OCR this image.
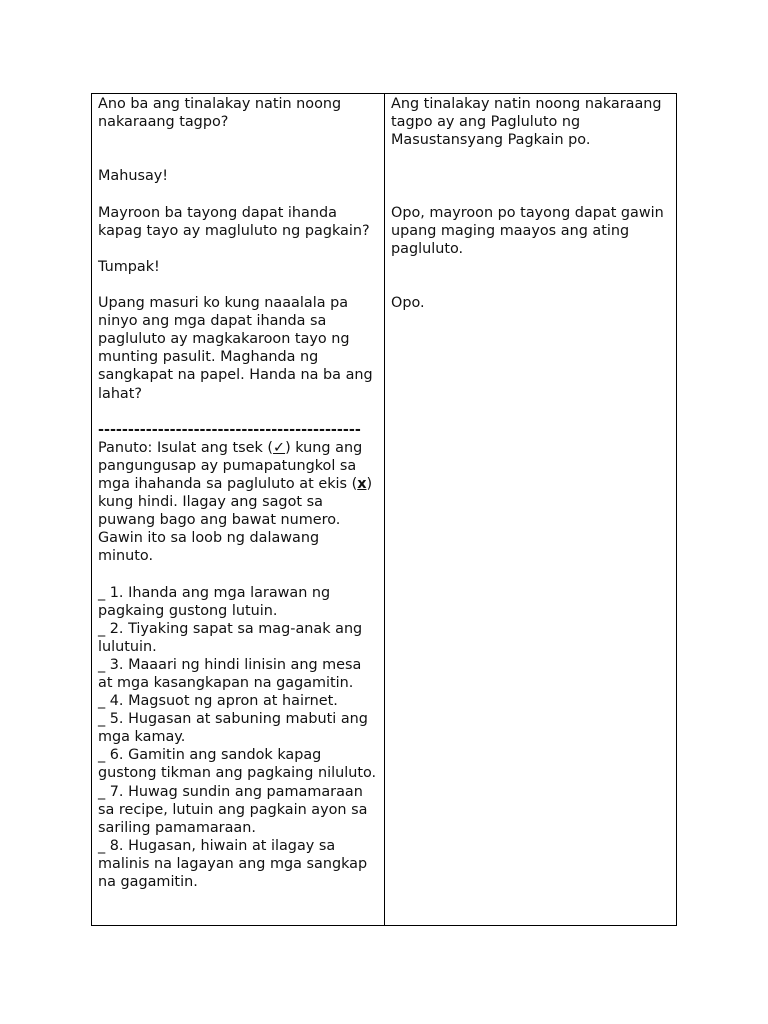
Ano ba ang tinalakay natin noong nakaraang tagpo?

Mahusay!

Mayroon ba tayong dapat ihanda kapag tayo ay magluluto ng pagkain?

Tumpak!

Upang masuri ko kung naaalala pa ninyo ang mga dapat ihanda sa pagluluto ay magkakaroon tayo ng munting pasulit. Maghanda ng sangkapat na papel. Handa na ba ang lahat?

--------------------------------------------

Panuto: Isulat ang tsek (✓) kung ang pangungusap ay pumapatungkol sa mga ihahanda sa pagluluto at ekis (x) kung hindi. Ilagay ang sagot sa puwang bago ang bawat numero. Gawin ito sa loob ng dalawang minuto.

_ 1. Ihanda ang mga larawan ng pagkaing gustong lutuin.

_ 2. Tiyaking sapat sa mag-anak ang lulutuin.

_ 3. Maaari ng hindi linisin ang mesa at mga kasangkapan na gagamitin.

_ 4. Magsuot ng apron at hairnet.

_ 5. Hugasan at sabuning mabuti ang mga kamay.

_ 6. Gamitin ang sandok kapag gustong tikman ang pagkaing niluluto.

_ 7. Huwag sundin ang pamamaraan sa recipe, lutuin ang pagkain ayon sa sariling pamamaraan.

_ 8. Hugasan, hiwain at ilagay sa malinis na lagayan ang mga sangkap na gagamitin.

Ang tinalakay natin noong nakaraang tagpo ay ang Pagluluto ng Masustansyang Pagkain po.

Opo, mayroon po tayong dapat gawin upang maging maayos ang ating pagluluto.

Opo.
